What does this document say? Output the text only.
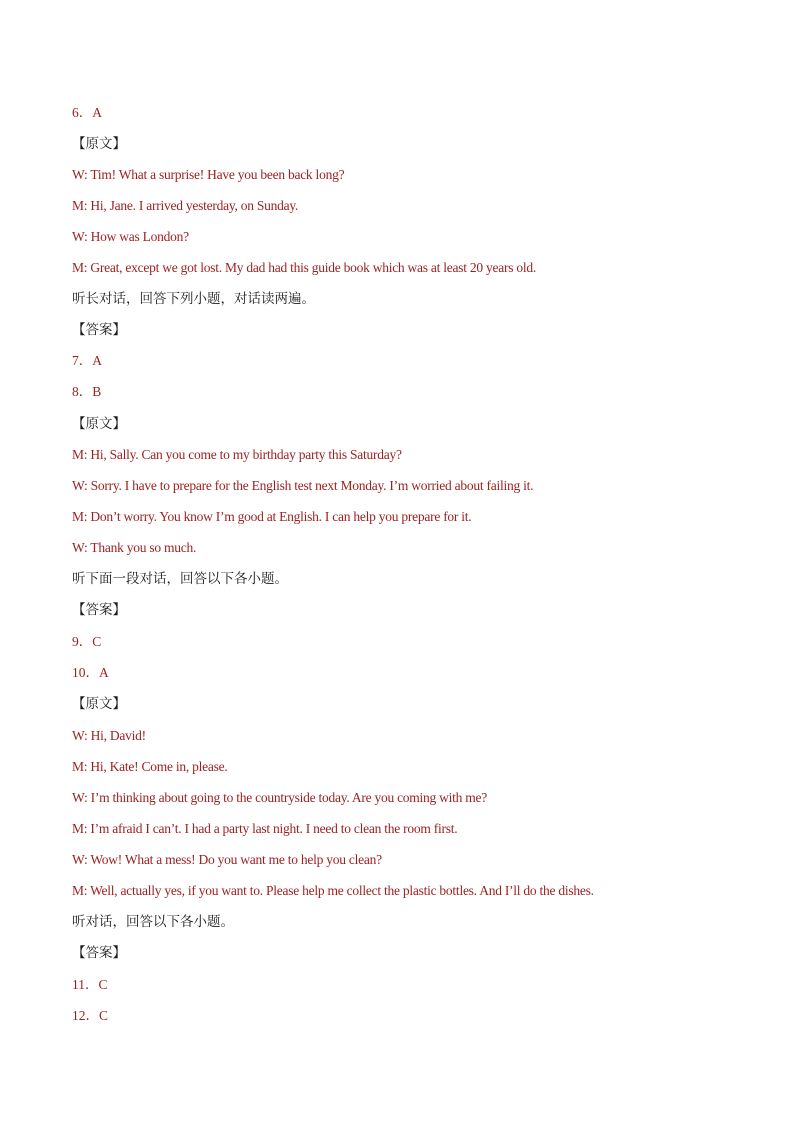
6．A
【原文】
W: Tim! What a surprise! Have you been back long?
M: Hi, Jane. I arrived yesterday, on Sunday.
W: How was London?
M: Great, except we got lost. My dad had this guide book which was at least 20 years old.
听长对话，回答下列小题，对话读两遍。
【答案】
7．A
8．B
【原文】
M: Hi, Sally. Can you come to my birthday party this Saturday?
W: Sorry. I have to prepare for the English test next Monday. I’m worried about failing it.
M: Don’t worry. You know I’m good at English. I can help you prepare for it.
W: Thank you so much.
听下面一段对话，回答以下各小题。
【答案】
9．C
10．A
【原文】
W: Hi, David!
M: Hi, Kate! Come in, please.
W: I’m thinking about going to the countryside today. Are you coming with me?
M: I’m afraid I can’t. I had a party last night. I need to clean the room first.
W: Wow! What a mess! Do you want me to help you clean?
M: Well, actually yes, if you want to. Please help me collect the plastic bottles. And I’ll do the dishes.
听对话，回答以下各小题。
【答案】
11．C
12．C
